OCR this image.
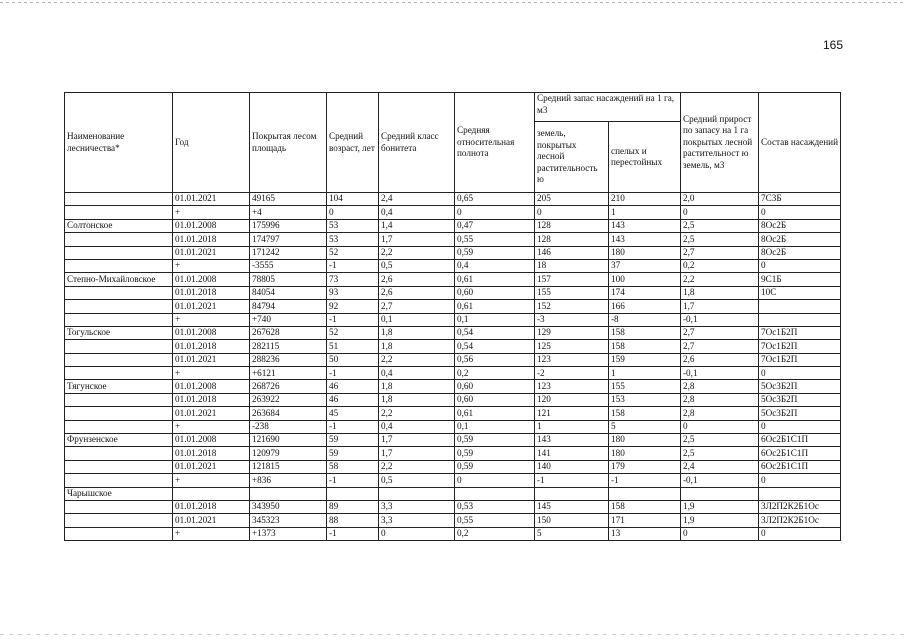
165
Наименование лесничества*	Год	Покрытая лесом площадь	Средний возраст, лет	Средний класс бонитета	Средняя относительная полнота	Средний запас насаждений на 1 га, м3		Средний прирост по запасу на 1 га покрытых лесной растительност ю земель, м3	Состав насаждений
						земель, покрытых лесной растительность ю	спелых и перестойных		
	01.01.2021	49165	104	2,4	0,65	205	210	2,0	7С3Б
	+	+4	0	0,4	0	0	1	0	0
Солтонское	01.01.2008	175996	53	1,4	0,47	128	143	2,5	8Ос2Б
	01.01.2018	174797	53	1,7	0,55	128	143	2,5	8Ос2Б
	01.01.2021	171242	52	2,2	0,59	146	180	2,7	8Ос2Б
	+	-3555	-1	0,5	0,4	18	37	0,2	0
Степно-Михайловское	01.01.2008	78805	73	2,6	0,61	157	100	2,2	9С1Б
	01.01.2018	84054	93	2,6	0,60	155	174	1,8	10С
	01.01.2021	84794	92	2,7	0,61	152	166	1,7	
	+	+740	-1	0,1	0,1	-3	-8	-0,1	
Тогульское	01.01.2008	267628	52	1,8	0,54	129	158	2,7	7Ос1Б2П
	01.01.2018	282115	51	1,8	0,54	125	158	2,7	7Ос1Б2П
	01.01.2021	288236	50	2,2	0,56	123	159	2,6	7Ос1Б2П
	+	+6121	-1	0,4	0,2	-2	1	-0,1	0
Тягунское	01.01.2008	268726	46	1,8	0,60	123	155	2,8	5Ос3Б2П
	01.01.2018	263922	46	1,8	0,60	120	153	2,8	5Ос3Б2П
	01.01.2021	263684	45	2,2	0,61	121	158	2,8	5Ос3Б2П
	+	-238	-1	0,4	0,1	1	5	0	0
Фрунзенское	01.01.2008	121690	59	1,7	0,59	143	180	2,5	6Ос2Б1С1П
	01.01.2018	120979	59	1,7	0,59	141	180	2,5	6Ос2Б1С1П
	01.01.2021	121815	58	2,2	0,59	140	179	2,4	6Ос2Б1С1П
	+	+836	-1	0,5	0	-1	-1	-0,1	0
Чарышское									
	01.01.2018	343950	89	3,3	0,53	145	158	1,9	3Л2П2К2Б1Ос
	01.01.2021	345323	88	3,3	0,55	150	171	1,9	3Л2П2К2Б1Ос
	+	+1373	-1	0	0,2	5	13	0	0
